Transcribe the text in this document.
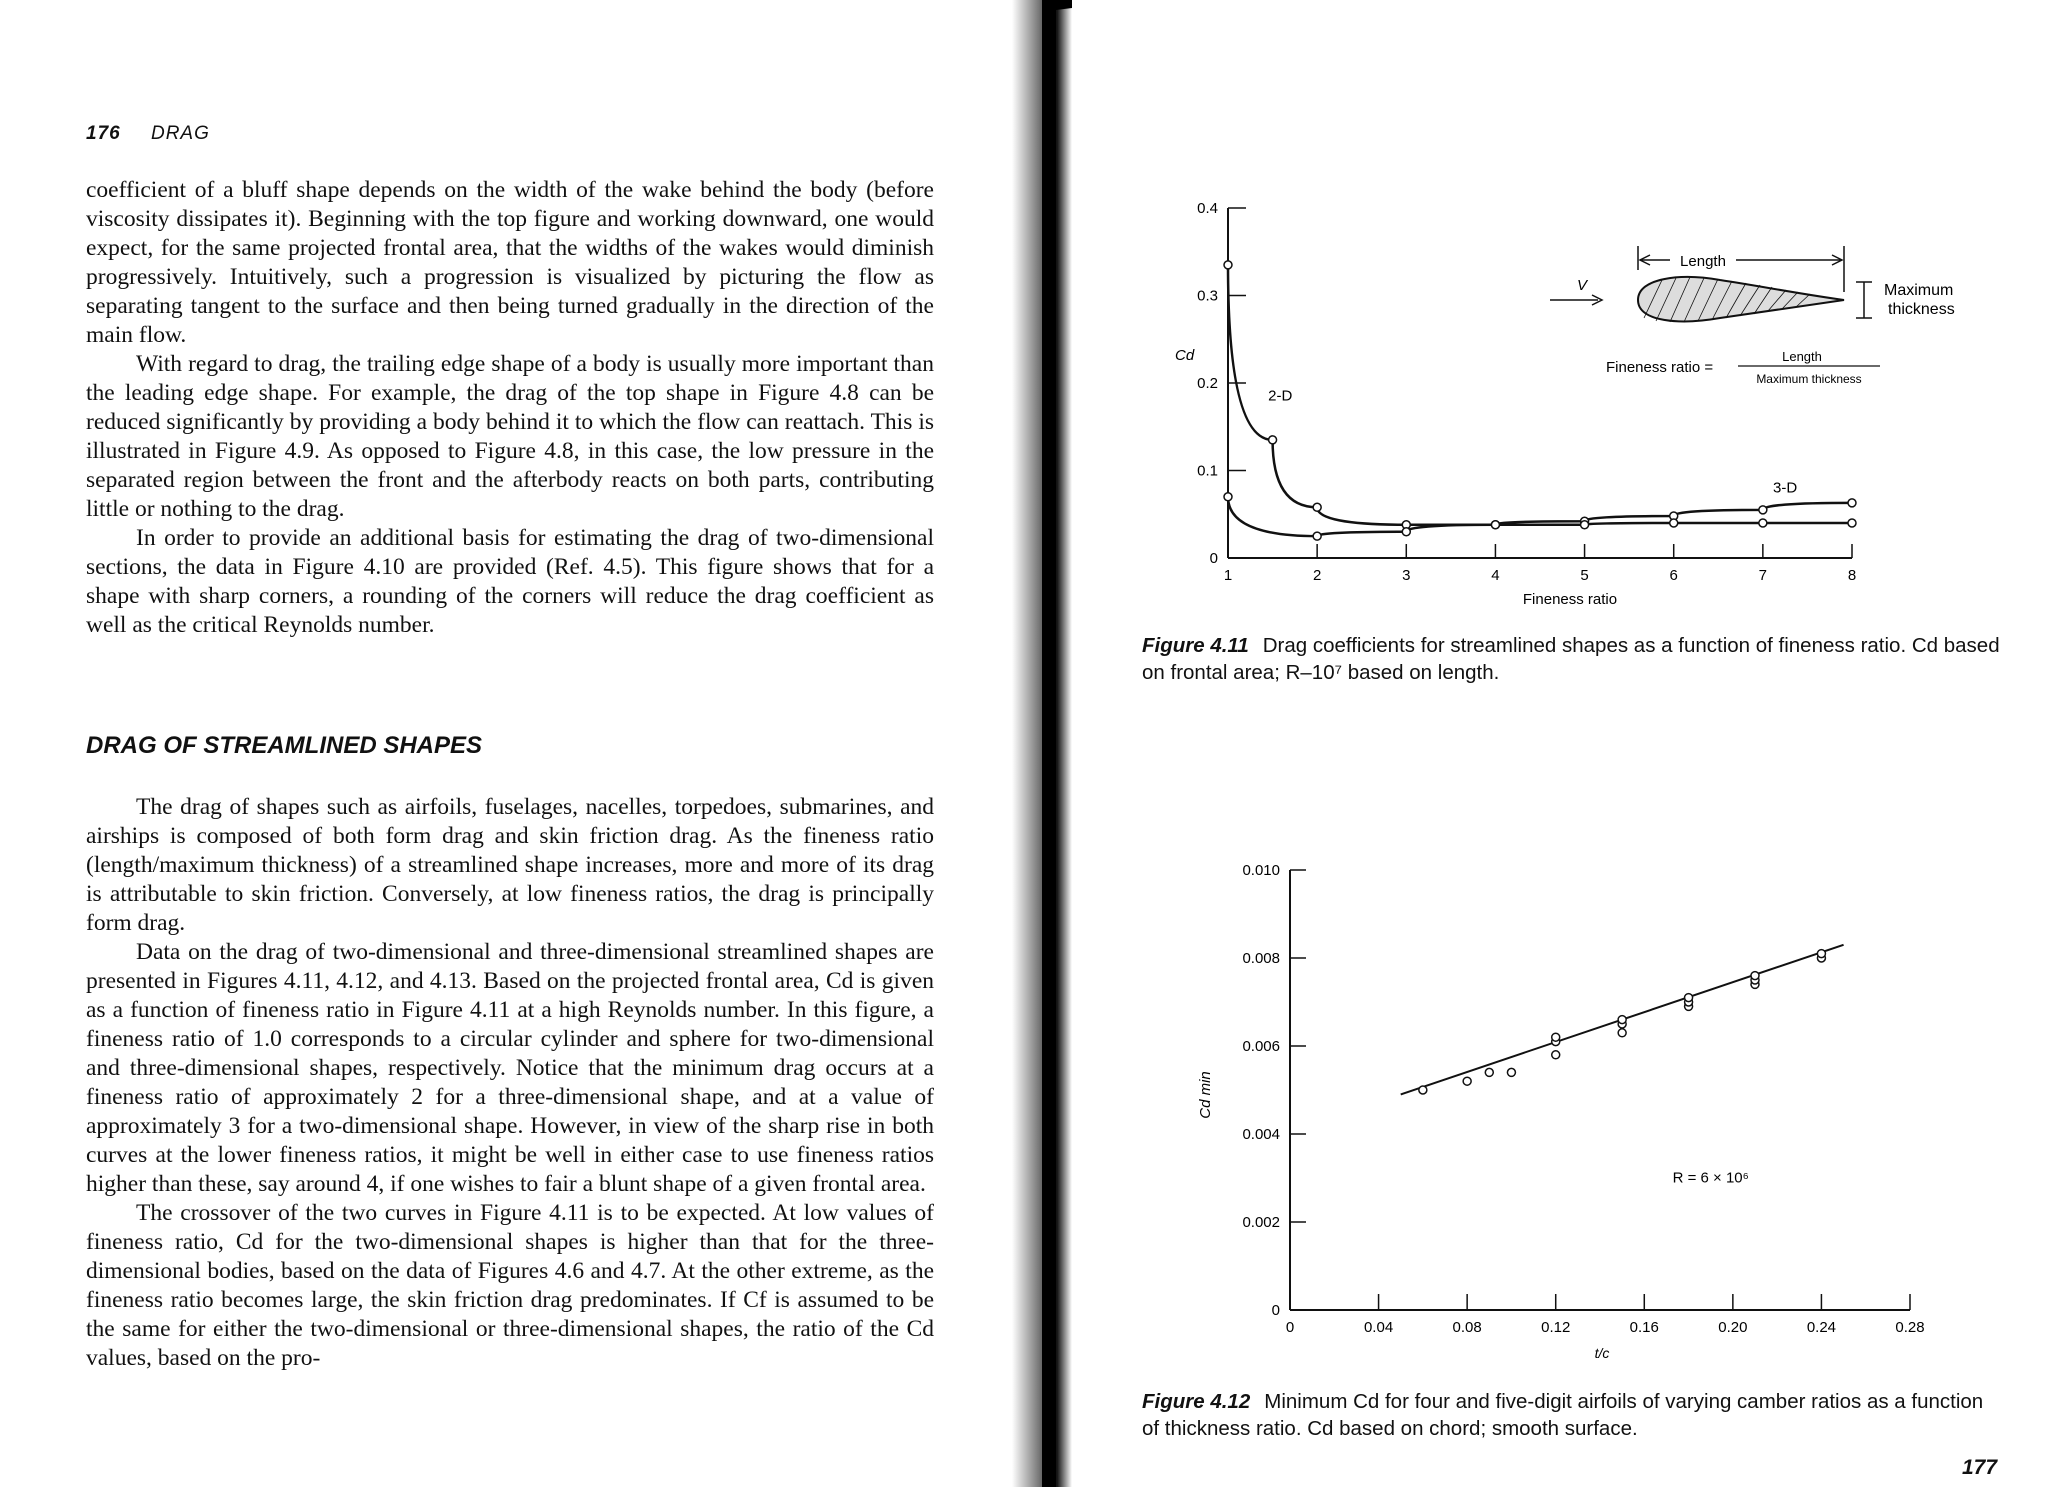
176 DRAG

coefficient of a bluff shape depends on the width of the wake behind the body (before viscosity dissipates it). Beginning with the top figure and working downward, one would expect, for the same projected frontal area, that the widths of the wakes would diminish progressively. Intuitively, such a progression is visualized by picturing the flow as separating tangent to the surface and then being turned gradually in the direction of the main flow.

With regard to drag, the trailing edge shape of a body is usually more important than the leading edge shape. For example, the drag of the top shape in Figure 4.8 can be reduced significantly by providing a body behind it to which the flow can reattach. This is illustrated in Figure 4.9. As opposed to Figure 4.8, in this case, the low pressure in the separated region between the front and the afterbody reacts on both parts, contributing little or nothing to the drag.

In order to provide an additional basis for estimating the drag of two-dimensional sections, the data in Figure 4.10 are provided (Ref. 4.5). This figure shows that for a shape with sharp corners, a rounding of the corners will reduce the drag coefficient as well as the critical Reynolds number.

DRAG OF STREAMLINED SHAPES

The drag of shapes such as airfoils, fuselages, nacelles, torpedoes, submarines, and airships is composed of both form drag and skin friction drag. As the fineness ratio (length/maximum thickness) of a streamlined shape increases, more and more of its drag is attributable to skin friction. Conversely, at low fineness ratios, the drag is principally form drag.

Data on the drag of two-dimensional and three-dimensional streamlined shapes are presented in Figures 4.11, 4.12, and 4.13. Based on the projected frontal area, Cd is given as a function of fineness ratio in Figure 4.11 at a high Reynolds number. In this figure, a fineness ratio of 1.0 corresponds to a circular cylinder and sphere for two-dimensional and three-dimensional shapes, respectively. Notice that the minimum drag occurs at a fineness ratio of approximately 2 for a three-dimensional shape, and at a value of approximately 3 for a two-dimensional shape. However, in view of the sharp rise in both curves at the lower fineness ratios, it might be well in either case to use fineness ratios higher than these, say around 4, if one wishes to fair a blunt shape of a given frontal area.

The crossover of the two curves in Figure 4.11 is to be expected. At low values of fineness ratio, Cd for the two-dimensional shapes is higher than that for the three-dimensional bodies, based on the data of Figures 4.6 and 4.7. At the other extreme, as the fineness ratio becomes large, the skin friction drag predominates. If Cf is assumed to be the same for either the two-dimensional or three-dimensional shapes, the ratio of the Cd values, based on the pro-

1	2	3	4	5	6	7	8
0
0.1
0.2
0.3
0.4
Fineness ratio
Cd
2-D
3-D
V
Length
Maximum
thickness
Fineness ratio =
Length
Maximum thickness
Figure 4.11 Drag coefficients for streamlined shapes as a function of fineness ratio. Cd based on frontal area; R–10⁷ based on length.
0	0.04	0.08	0.12	0.16	0.20	0.24	0.28
0
0.002
0.004
0.006
0.008
0.010
t/c
Cd min
R = 6 × 10⁶
Figure 4.12 Minimum Cd for four and five-digit airfoils of varying camber ratios as a function of thickness ratio. Cd based on chord; smooth surface.
177
